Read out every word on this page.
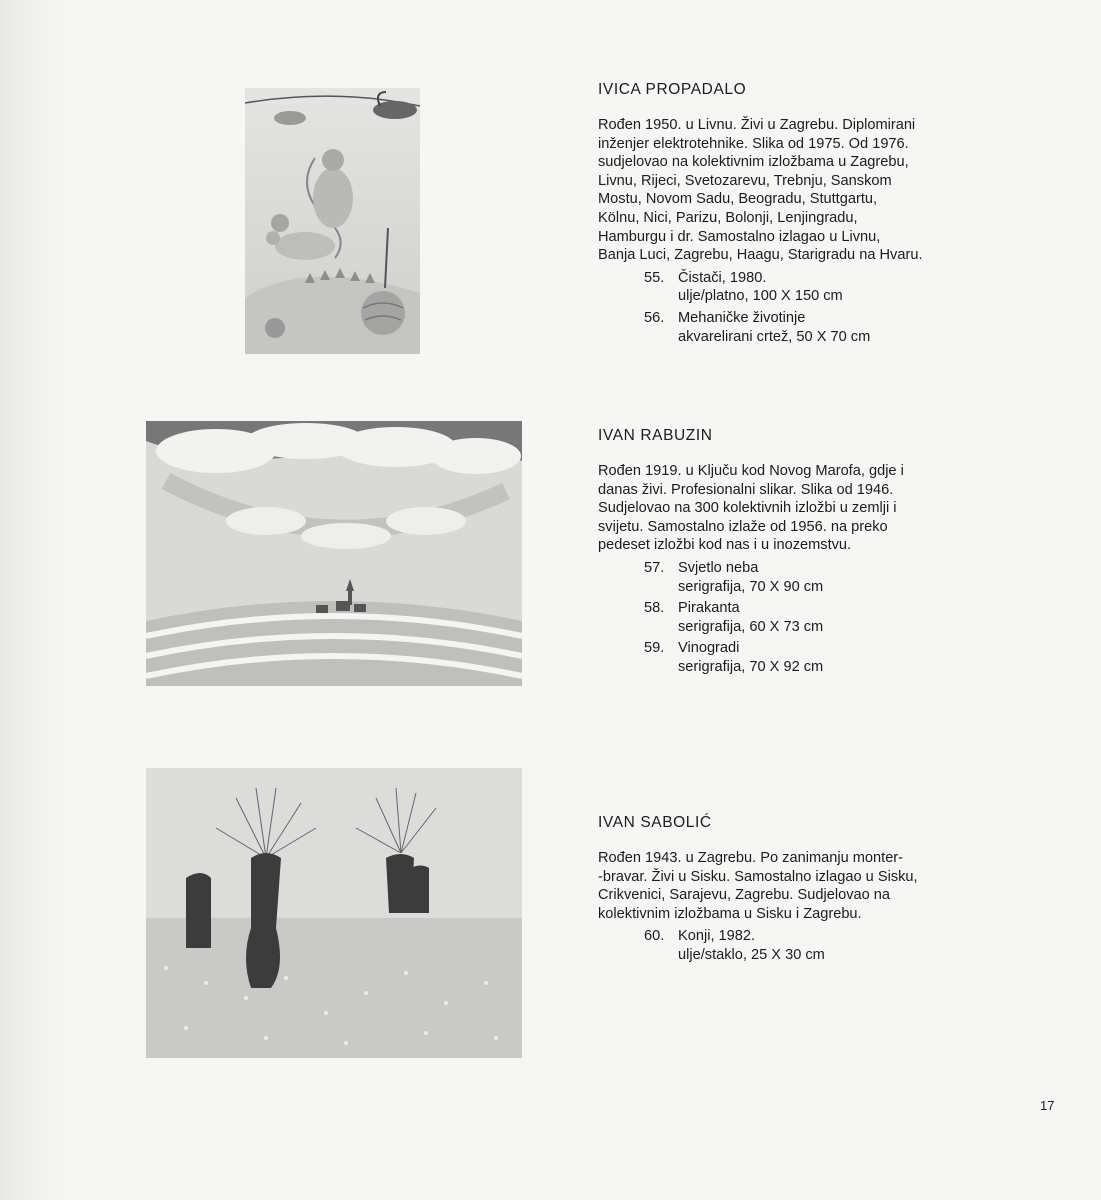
IVICA PROPADALO

Rođen 1950. u Livnu. Živi u Zagrebu. Diplomirani
inženjer elektrotehnike. Slika od 1975. Od 1976.
sudjelovao na kolektivnim izložbama u Zagrebu,
Livnu, Rijeci, Svetozarevu, Trebnju, Sanskom
Mostu, Novom Sadu, Beogradu, Stuttgartu,
Kölnu, Nici, Parizu, Bolonji, Lenjingradu,
Hamburgu i dr. Samostalno izlagao u Livnu,
Banja Luci, Zagrebu, Haagu, Starigradu na Hvaru.

55. Čistači, 1980.
ulje/platno, 100 X 150 cm
56. Mehaničke životinje
akvarelirani crtež, 50 X 70 cm
IVAN RABUZIN

Rođen 1919. u Ključu kod Novog Marofa, gdje i
danas živi. Profesionalni slikar. Slika od 1946.
Sudjelovao na 300 kolektivnih izložbi u zemlji i
svijetu. Samostalno izlaže od 1956. na preko
pedeset izložbi kod nas i u inozemstvu.

57. Svjetlo neba
serigrafija, 70 X 90 cm
58. Pirakanta
serigrafija, 60 X 73 cm
59. Vinogradi
serigrafija, 70 X 92 cm
IVAN SABOLIĆ

Rođen 1943. u Zagrebu. Po zanimanju monter-
-bravar. Živi u Sisku. Samostalno izlagao u Sisku,
Crikvenici, Sarajevu, Zagrebu. Sudjelovao na
kolektivnim izložbama u Sisku i Zagrebu.

60. Konji, 1982.
ulje/staklo, 25 X 30 cm
17
